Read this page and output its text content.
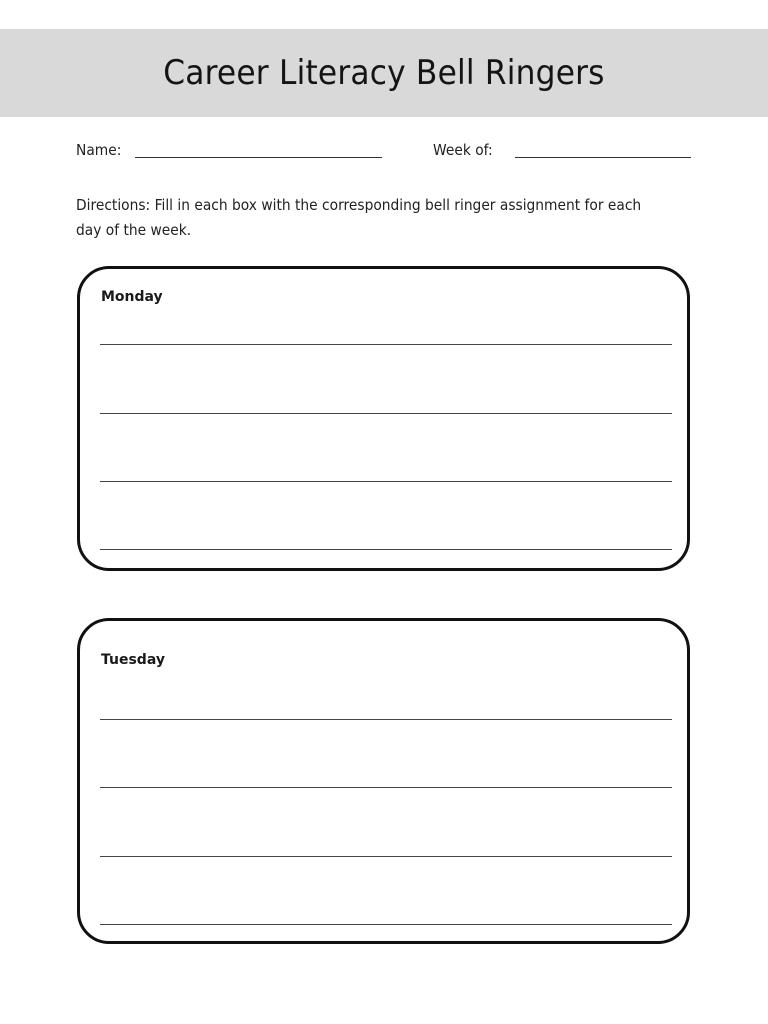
Career Literacy Bell Ringers
Name:	Week of:

Directions: Fill in each box with the corresponding bell ringer assignment for each day of the week.

Monday
Tuesday
